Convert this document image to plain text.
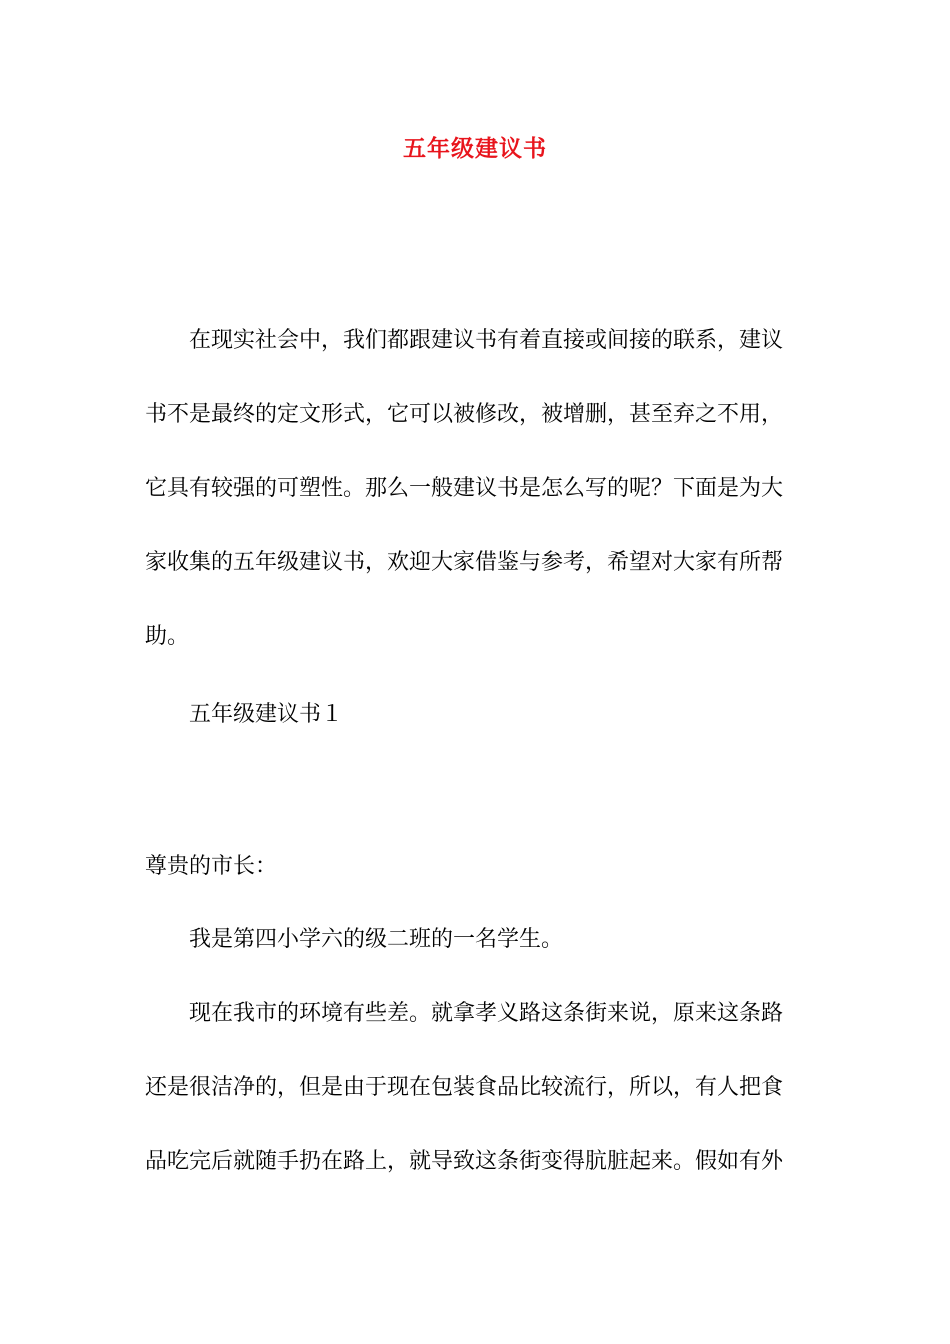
五年级建议书
在现实社会中，我们都跟建议书有着直接或间接的联系，建议
书不是最终的定文形式，它可以被修改，被增删，甚至弃之不用，
它具有较强的可塑性。那么一般建议书是怎么写的呢？下面是为大
家收集的五年级建议书，欢迎大家借鉴与参考，希望对大家有所帮
助。
五年级建议书１
尊贵的市长：
我是第四小学六的级二班的一名学生。
现在我市的环境有些差。就拿孝义路这条街来说，原来这条路
还是很洁净的，但是由于现在包装食品比较流行，所以，有人把食
品吃完后就随手扔在路上，就导致这条街变得肮脏起来。假如有外
